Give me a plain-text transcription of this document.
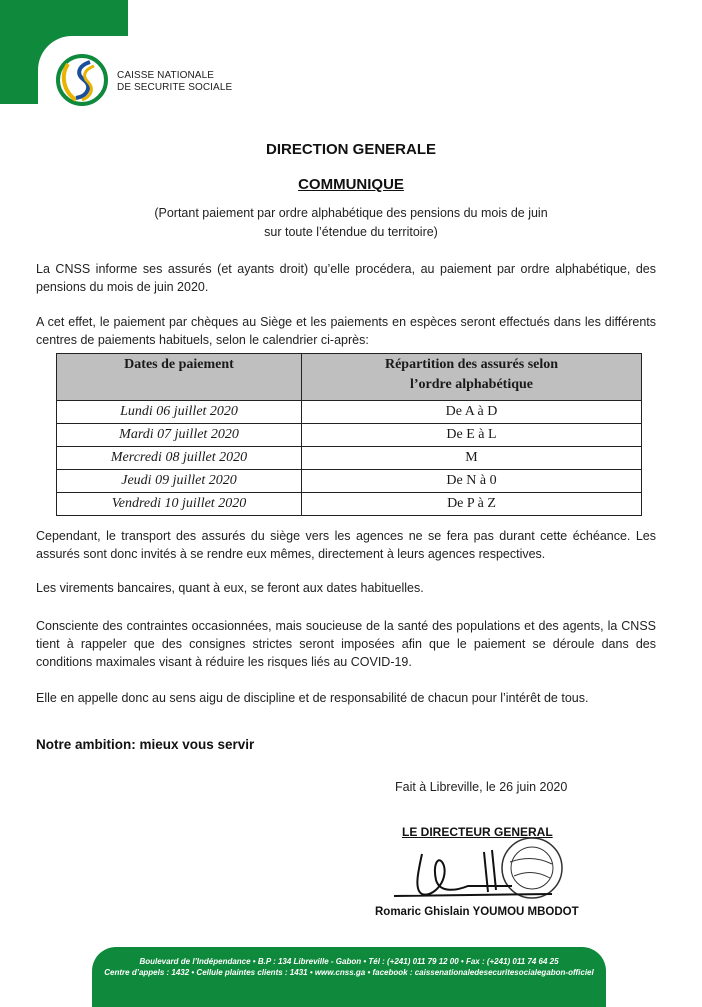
CAISSE NATIONALE
DE SECURITE SOCIALE
DIRECTION GENERALE
COMMUNIQUE
(Portant paiement par ordre alphabétique des pensions du mois de juin
sur toute l’étendue du territoire)
La CNSS informe ses assurés (et ayants droit) qu’elle procédera, au paiement par ordre alphabétique, des pensions du mois de juin 2020.
A cet effet, le paiement par chèques au Siège et les paiements en espèces seront effectués dans les différents centres de paiements habituels, selon le calendrier ci-après:
Dates de paiement	Répartition des assurés selon
l’ordre alphabétique

Lundi 06 juillet 2020	De A à D
Mardi 07 juillet 2020	De E à L
Mercredi 08 juillet 2020	M
Jeudi 09 juillet 2020	De N à 0
Vendredi 10 juillet 2020	De P à Z
Cependant, le transport des assurés du siège vers les agences ne se fera pas durant cette échéance. Les assurés sont donc invités à se rendre eux mêmes, directement à leurs agences respectives.
Les virements bancaires, quant à eux, se feront aux dates habituelles.
Consciente des contraintes occasionnées, mais soucieuse de la santé des populations et des agents, la CNSS tient à rappeler que des consignes strictes seront imposées afin que le paiement se déroule dans des conditions maximales visant à réduire les risques liés au COVID-19.
Elle en appelle donc au sens aigu de discipline et de responsabilité de chacun pour l’intérêt de tous.
Notre ambition: mieux vous servir
Fait à Libreville, le 26 juin 2020
LE DIRECTEUR GENERAL
Romaric Ghislain YOUMOU MBODOT
Boulevard de l’Indépendance • B.P : 134 Libreville - Gabon • Tél : (+241) 011 79 12 00 • Fax : (+241) 011 74 64 25
Centre d’appels : 1432 • Cellule plaintes clients : 1431 • www.cnss.ga • facebook : caissenationaledesecuritesocialegabon-officiel
